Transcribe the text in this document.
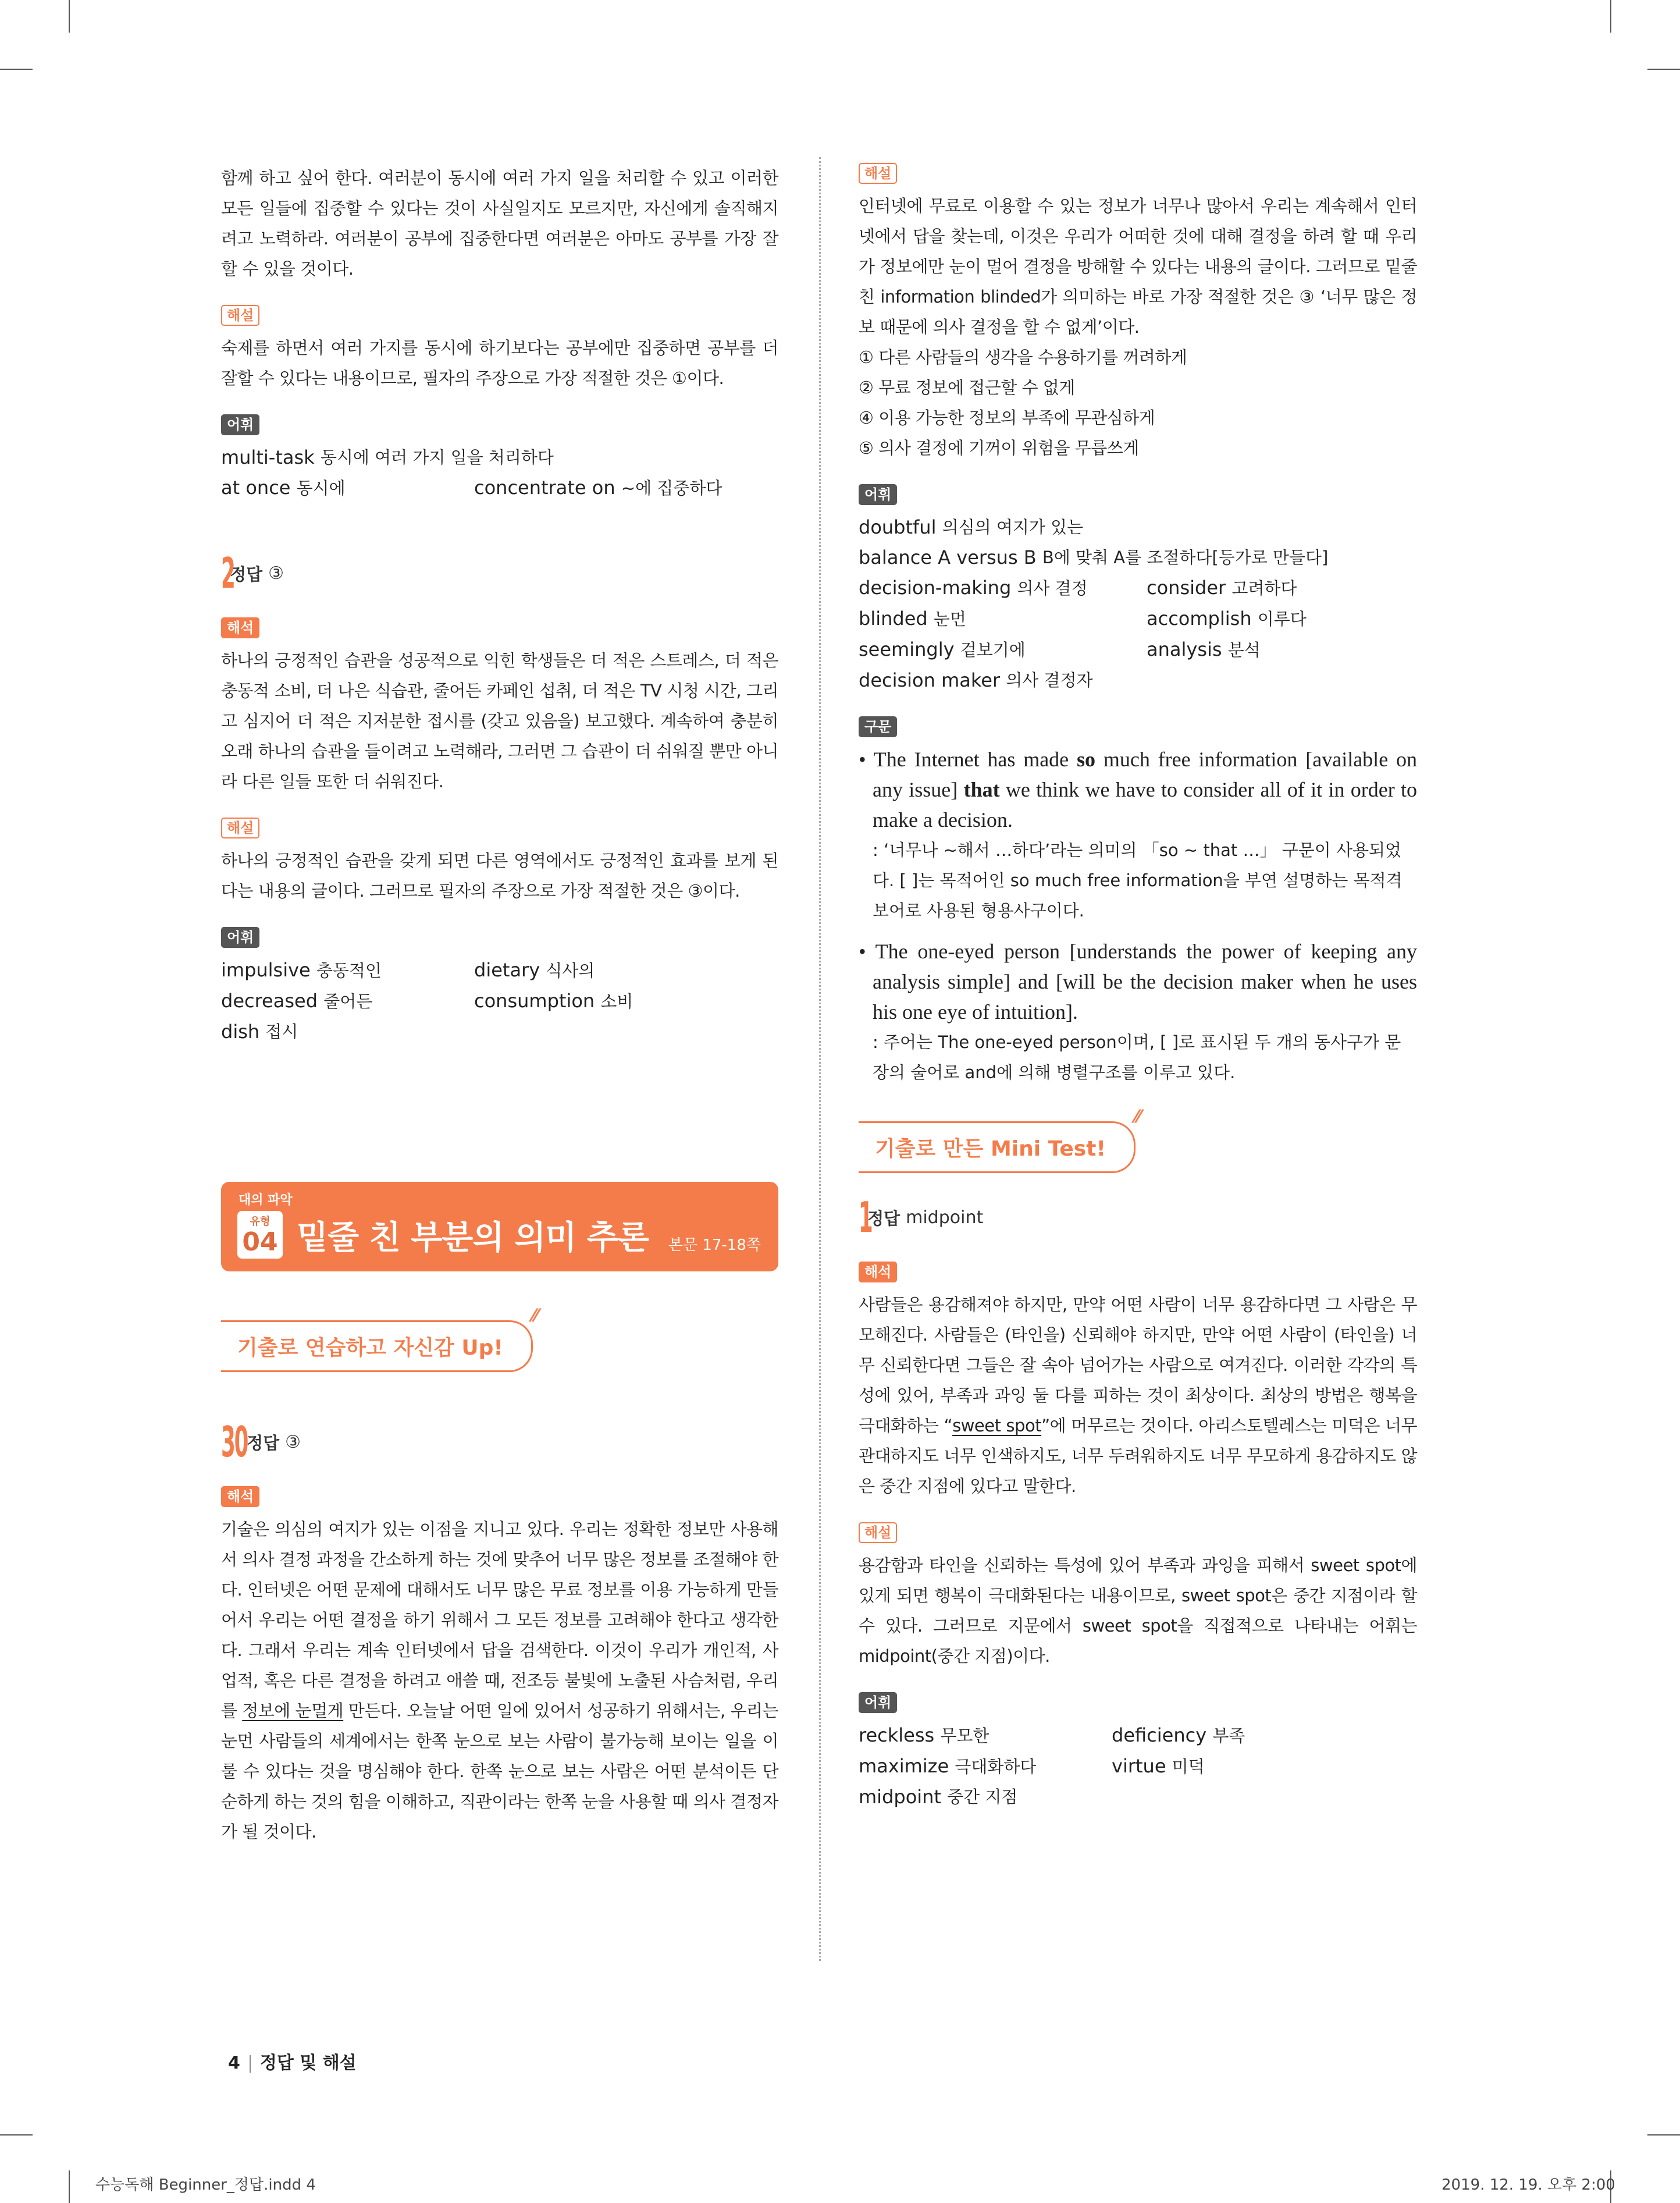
함께 하고 싶어 한다. 여러분이 동시에 여러 가지 일을 처리할 수 있고 이러한 모든 일들에 집중할 수 있다는 것이 사실일지도 모르지만, 자신에게 솔직해지려고 노력하라. 여러분이 공부에 집중한다면 여러분은 아마도 공부를 가장 잘할 수 있을 것이다.

해설

숙제를 하면서 여러 가지를 동시에 하기보다는 공부에만 집중하면 공부를 더 잘할 수 있다는 내용이므로, 필자의 주장으로 가장 적절한 것은 ①이다.

어휘
multi-task
동시에 여러 가지 일을 처리하다
at once 동시에	concentrate on ~에 집중하다
2
정답 ③
해석

하나의 긍정적인 습관을 성공적으로 익힌 학생들은 더 적은 스트레스, 더 적은 충동적 소비, 더 나은 식습관, 줄어든 카페인 섭취, 더 적은 TV 시청 시간, 그리고 심지어 더 적은 지저분한 접시를 (갖고 있음을) 보고했다. 계속하여 충분히 오래 하나의 습관을 들이려고 노력해라, 그러면 그 습관이 더 쉬워질 뿐만 아니라 다른 일들 또한 더 쉬워진다.

해설

하나의 긍정적인 습관을 갖게 되면 다른 영역에서도 긍정적인 효과를 보게 된다는 내용의 글이다. 그러므로 필자의 주장으로 가장 적절한 것은 ③이다.

어휘
impulsive 충동적인	dietary 식사의
decreased 줄어든	consumption 소비
dish
접시
대의 파악
유형
04 밑줄 친 부분의 의미 추론 본문 17-18쪽
기출로 연습하고 자신감 Up!
⁄⁄
30
정답 ③
해석

기술은 의심의 여지가 있는 이점을 지니고 있다. 우리는 정확한 정보만 사용해서 의사 결정 과정을 간소하게 하는 것에 맞추어 너무 많은 정보를 조절해야 한다. 인터넷은 어떤 문제에 대해서도 너무 많은 무료 정보를 이용 가능하게 만들어서 우리는 어떤 결정을 하기 위해서 그 모든 정보를 고려해야 한다고 생각한다. 그래서 우리는 계속 인터넷에서 답을 검색한다. 이것이 우리가 개인적, 사업적, 혹은 다른 결정을 하려고 애쓸 때, 전조등 불빛에 노출된 사슴처럼, 우리를 정보에 눈멀게 만든다. 오늘날 어떤 일에 있어서 성공하기 위해서는, 우리는 눈먼 사람들의 세계에서는 한쪽 눈으로 보는 사람이 불가능해 보이는 일을 이룰 수 있다는 것을 명심해야 한다. 한쪽 눈으로 보는 사람은 어떤 분석이든 단순하게 하는 것의 힘을 이해하고, 직관이라는 한쪽 눈을 사용할 때 의사 결정자가 될 것이다.

해설

인터넷에 무료로 이용할 수 있는 정보가 너무나 많아서 우리는 계속해서 인터넷에서 답을 찾는데, 이것은 우리가 어떠한 것에 대해 결정을 하려 할 때 우리가 정보에만 눈이 멀어 결정을 방해할 수 있다는 내용의 글이다. 그러므로 밑줄 친 information blinded가 의미하는 바로 가장 적절한 것은 ③ ‘너무 많은 정보 때문에 의사 결정을 할 수 없게’이다.

① 다른 사람들의 생각을 수용하기를 꺼려하게

② 무료 정보에 접근할 수 없게

④ 이용 가능한 정보의 부족에 무관심하게

⑤ 의사 결정에 기꺼이 위험을 무릅쓰게

어휘
doubtful
의심의 여지가 있는
balance A versus B
B에 맞춰 A를 조절하다[등가로 만들다]
decision-making 의사 결정	consider 고려하다
blinded 눈먼	accomplish 이루다
seemingly 겉보기에	analysis 분석
decision maker
의사 결정자
구문

• The Internet has made so much free information [available on any issue] that we think we have to consider all of it in order to make a decision.

: ‘너무나 ~해서 …하다’라는 의미의 「so ~ that …」 구문이 사용되었다. [ ]는 목적어인 so much free information을 부연 설명하는 목적격 보어로 사용된 형용사구이다.

• The one-eyed person [understands the power of keeping any analysis simple] and [will be the decision maker when he uses his one eye of intuition].

: 주어는 The one-eyed person이며, [ ]로 표시된 두 개의 동사구가 문장의 술어로 and에 의해 병렬구조를 이루고 있다.

기출로 만든 Mini Test!
⁄⁄
1
정답 midpoint
해석

사람들은 용감해져야 하지만, 만약 어떤 사람이 너무 용감하다면 그 사람은 무모해진다. 사람들은 (타인을) 신뢰해야 하지만, 만약 어떤 사람이 (타인을) 너무 신뢰한다면 그들은 잘 속아 넘어가는 사람으로 여겨진다. 이러한 각각의 특성에 있어, 부족과 과잉 둘 다를 피하는 것이 최상이다. 최상의 방법은 행복을 극대화하는 “sweet spot”에 머무르는 것이다. 아리스토텔레스는 미덕은 너무 관대하지도 너무 인색하지도, 너무 두려워하지도 너무 무모하게 용감하지도 않은 중간 지점에 있다고 말한다.

해설

용감함과 타인을 신뢰하는 특성에 있어 부족과 과잉을 피해서 sweet spot에 있게 되면 행복이 극대화된다는 내용이므로, sweet spot은 중간 지점이라 할 수 있다. 그러므로 지문에서 sweet spot을 직접적으로 나타내는 어휘는 midpoint(중간 지점)이다.

어휘
reckless 무모한	deficiency 부족
maximize 극대화하다	virtue 미덕
midpoint
중간 지점
4 정답 및 해설
수능독해 Beginner_정답.indd 4	2019. 12. 19. 오후 2:00
